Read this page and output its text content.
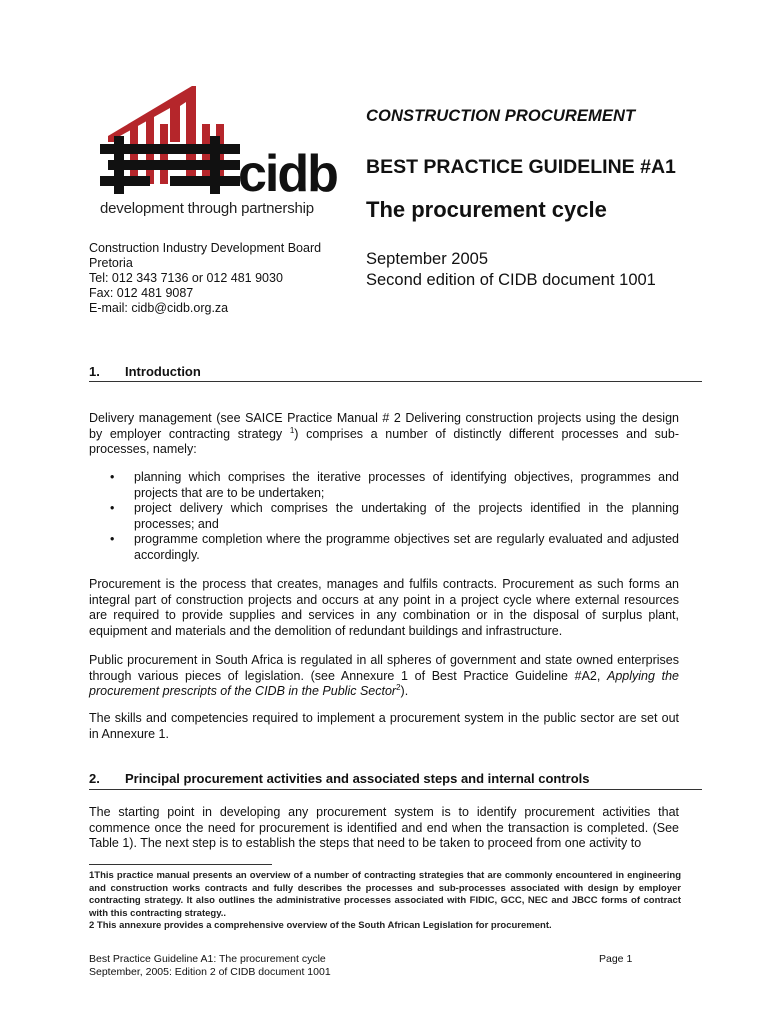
cidb
development through partnership
CONSTRUCTION PROCUREMENT
BEST PRACTICE GUIDELINE #A1
The procurement cycle
September 2005
Second edition of CIDB document 1001
Construction Industry Development Board
Pretoria
Tel: 012 343 7136 or 012 481 9030
Fax: 012 481 9087
E-mail: cidb@cidb.org.za
1. Introduction
Delivery management (see SAICE Practice Manual # 2 Delivering construction projects using the design by employer contracting strategy $^1$) comprises a number of distinctly different processes and sub-processes, namely:
• planning which comprises the iterative processes of identifying objectives, programmes and projects that are to be undertaken;
• project delivery which comprises the undertaking of the projects identified in the planning processes; and
• programme completion where the programme objectives set are regularly evaluated and adjusted accordingly.
Procurement is the process that creates, manages and fulfils contracts. Procurement as such forms an integral part of construction projects and occurs at any point in a project cycle where external resources are required to provide supplies and services in any combination or in the disposal of surplus plant, equipment and materials and the demolition of redundant buildings and infrastructure.
Public procurement in South Africa is regulated in all spheres of government and state owned enterprises through various pieces of legislation. (see Annexure 1 of Best Practice Guideline #A2, Applying the procurement prescripts of the CIDB in the Public Sector$^2$).
The skills and competencies required to implement a procurement system in the public sector are set out in Annexure 1.
2. Principal procurement activities and associated steps and internal controls
The starting point in developing any procurement system is to identify procurement activities that commence once the need for procurement is identified and end when the transaction is completed. (See Table 1). The next step is to establish the steps that need to be taken to proceed from one activity to
1This practice manual presents an overview of a number of contracting strategies that are commonly encountered in engineering and construction works contracts and fully describes the processes and sub-processes associated with design by employer contracting strategy. It also outlines the administrative processes associated with FIDIC, GCC, NEC and JBCC forms of contract with this contracting strategy..
2 This annexure provides a comprehensive overview of the South African Legislation for procurement.
Best Practice Guideline A1: The procurement cycle
September, 2005: Edition 2 of CIDB document 1001
Page 1
